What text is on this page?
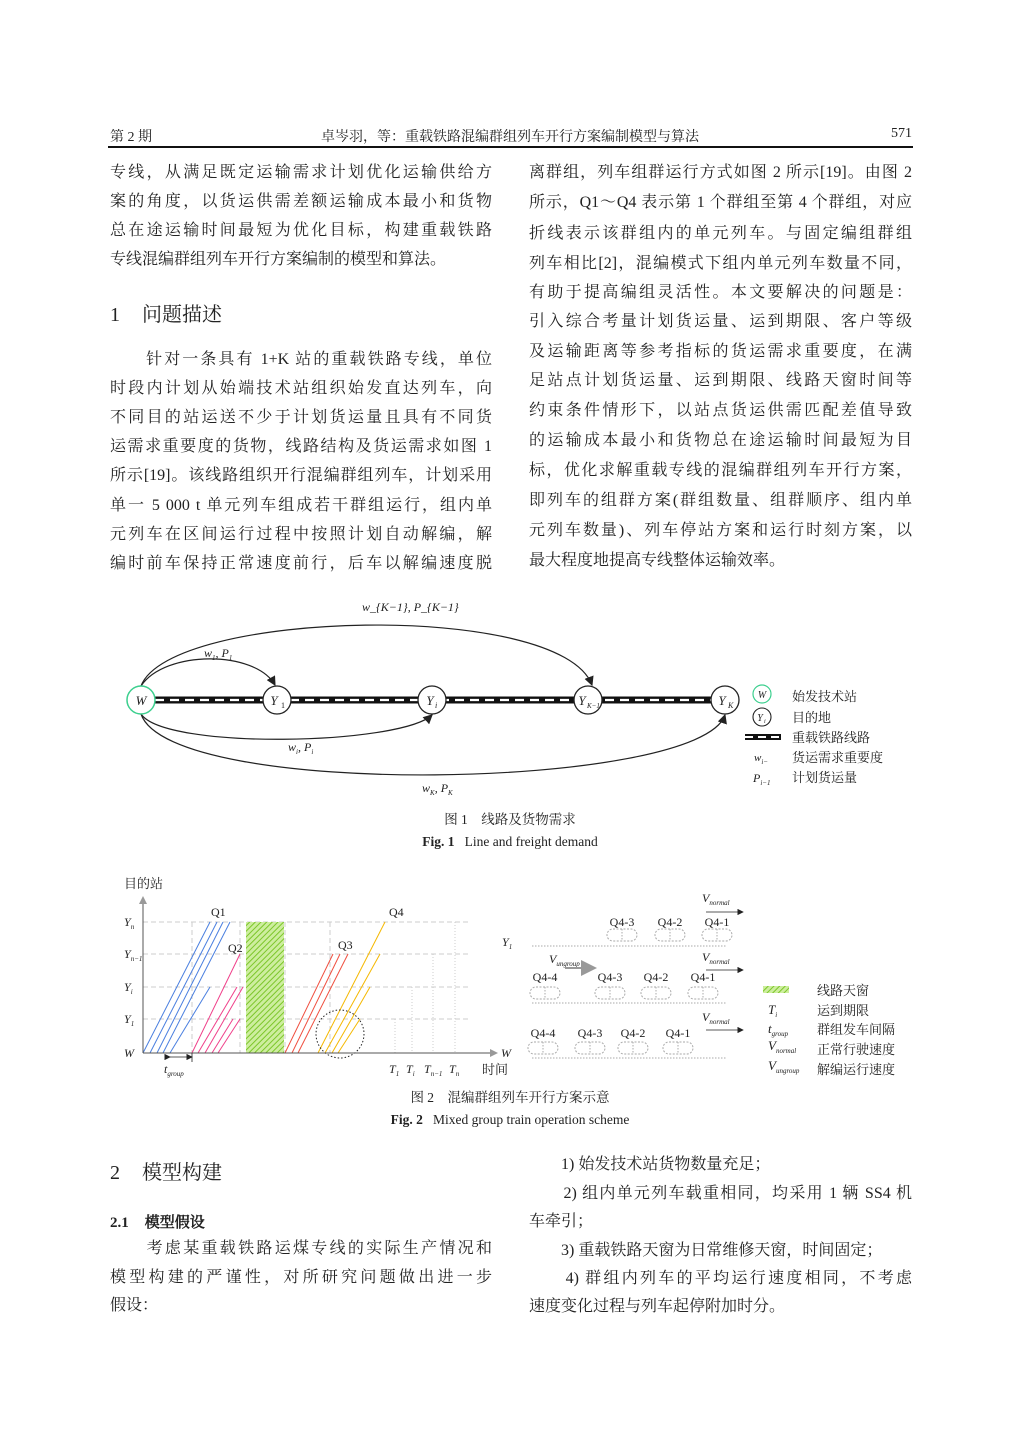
第 2 期	卓岑羽，等：重载铁路混编群组列车开行方案编制模型与算法	571
专线，从满足既定运输需求计划优化运输供给方
案的角度，以货运供需差额运输成本最小和货物
总在途运输时间最短为优化目标，构建重载铁路
专线混编群组列车开行方案编制的模型和算法。
1 问题描述
　　针对一条具有 1+K 站的重载铁路专线，单位
时段内计划从始端技术站组织始发直达列车，向
不同目的站运送不少于计划货运量且具有不同货
运需求重要度的货物，线路结构及货运需求如图 1
所示[19]。该线路组织开行混编群组列车，计划采用
单一 5 000 t 单元列车组成若干群组运行，组内单
元列车在区间运行过程中按照计划自动解编，解
编时前车保持正常速度前行，后车以解编速度脱
离群组，列车组群运行方式如图 2 所示[19]。由图 2
所示，Q1～Q4 表示第 1 个群组至第 4 个群组，对应
折线表示该群组内的单元列车。与固定编组群组
列车相比[2]，混编模式下组内单元列车数量不同，
有助于提高编组灵活性。本文要解决的问题是：
引入综合考量计划货运量、运到期限、客户等级
及运输距离等参考指标的货运需求重要度，在满
足站点计划货运量、运到期限、线路天窗时间等
约束条件情形下，以站点货运供需匹配差值导致
的运输成本最小和货物总在途运输时间最短为目
标，优化求解重载专线的混编群组列车开行方案，
即列车的组群方案(群组数量、组群顺序、组内单
元列车数量)、列车停站方案和运行时刻方案，以
最大程度地提高专线整体运输效率。
W	Y 1	Y i	Y K−1	Y K
w_{K−1}, P_{K−1}
$w_1$, $P_1$
$w_i$, $P_i$
$w_K$, $P_K$
W 始发技术站
Y i 目的地
重载铁路线路
$w_{i-}$ 货运需求重要度
$P_{i-1}$ 计划货运量
目的站
$Y_n$
$Y_{n-1}$
$Y_i$
$Y_1$
W
$T_1$ $T_i$ $T_{n-1}$ $T_n$ 时间
W
Q1
Q2	Q3
Q4
$t_{group}$
$Y_1$
Q4-3 Q4-2 Q4-1
Q4-4	Q4-3 Q4-2 Q4-1
Q4-4 Q4-3 Q4-2 Q4-1
$V_{normal}$
$V_{normal}$
$V_{normal}$
$V_{ungroup}$
线路天窗
$T_i$	运到期限
$t_{group}$ 群组发车间隔
$V_{normal}$ 正常行驶速度
$V_{ungroup}$ 解编运行速度
图 1　线路及货物需求
Fig. 1 Line and freight demand
图 2　混编群组列车开行方案示意
Fig. 2 Mixed group train operation scheme
2 模型构建
2.1 模型假设
　　考虑某重载铁路运煤专线的实际生产情况和
模型构建的严谨性，对所研究问题做出进一步
假设：
　　1) 始发技术站货物数量充足；
　　2) 组内单元列车载重相同，均采用 1 辆 SS4 机
车牵引；
　　3) 重载铁路天窗为日常维修天窗，时间固定；
　　4) 群组内列车的平均运行速度相同，不考虑
速度变化过程与列车起停附加时分。
